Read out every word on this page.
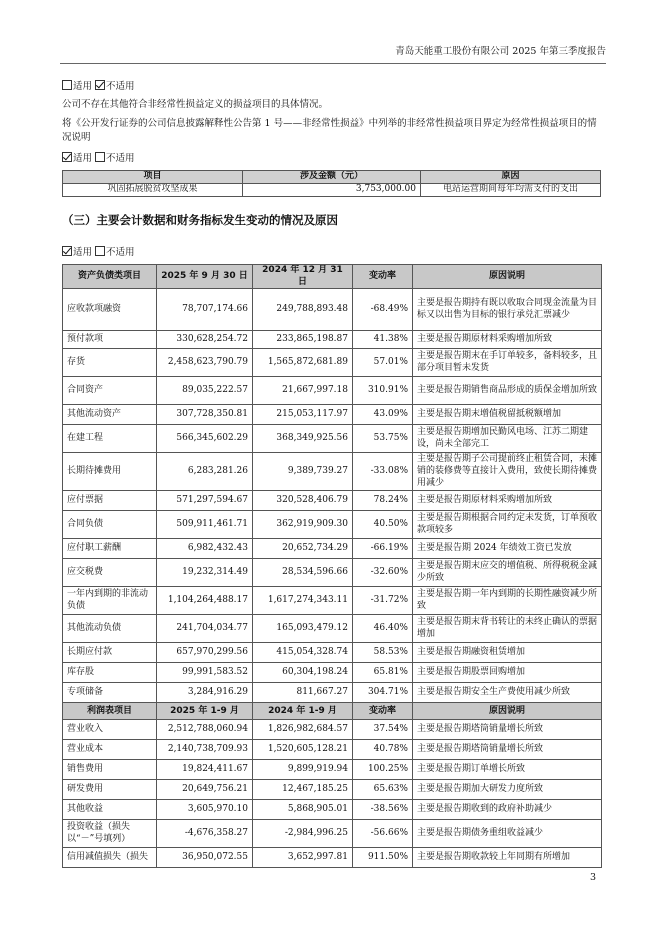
青岛天能重工股份有限公司 2025 年第三季度报告
适用 不适用
公司不存在其他符合非经常性损益定义的损益项目的具体情况。
将《公开发行证券的公司信息披露解释性公告第 1 号——非经常性损益》中列举的非经常性损益项目界定为经常性损益项目的情况说明
适用 不适用
项目	涉及金额（元）	原因
巩固拓展脱贫攻坚成果	3,753,000.00	电站运营期间每年均需支付的支出
（三）主要会计数据和财务指标发生变动的情况及原因
适用 不适用
资产负债类项目	2025 年 9 月 30 日	2024 年 12 月 31 日	变动率	原因说明
应收款项融资	78,707,174.66	249,788,893.48	-68.49%	主要是报告期持有既以收取合同现金流量为目标又以出售为目标的银行承兑汇票减少
预付款项	330,628,254.72	233,865,198.87	41.38%	主要是报告期原材料采购增加所致
存货	2,458,623,790.79	1,565,872,681.89	57.01%	主要是报告期末在手订单较多，备料较多，且部分项目暂未发货
合同资产	89,035,222.57	21,667,997.18	310.91%	主要是报告期销售商品形成的质保金增加所致
其他流动资产	307,728,350.81	215,053,117.97	43.09%	主要是报告期末增值税留抵税额增加
在建工程	566,345,602.29	368,349,925.56	53.75%	主要是报告期增加民勤风电场、江苏二期建设，尚未全部完工
长期待摊费用	6,283,281.26	9,389,739.27	-33.08%	主要是报告期子公司提前终止租赁合同，未摊销的装修费等直接计入费用，致使长期待摊费用减少
应付票据	571,297,594.67	320,528,406.79	78.24%	主要是报告期原材料采购增加所致
合同负债	509,911,461.71	362,919,909.30	40.50%	主要是报告期根据合同约定未发货，订单预收款项较多
应付职工薪酬	6,982,432.43	20,652,734.29	-66.19%	主要是报告期 2024 年绩效工资已发放
应交税费	19,232,314.49	28,534,596.66	-32.60%	主要是报告期末应交的增值税、所得税税金减少所致
一年内到期的非流动负债	1,104,264,488.17	1,617,274,343.11	-31.72%	主要是报告期一年内到期的长期性融资减少所致
其他流动负债	241,704,034.77	165,093,479.12	46.40%	主要是报告期末背书转让的未终止确认的票据增加
长期应付款	657,970,299.56	415,054,328.74	58.53%	主要是报告期融资租赁增加
库存股	99,991,583.52	60,304,198.24	65.81%	主要是报告期股票回购增加
专项储备	3,284,916.29	811,667.27	304.71%	主要是报告期安全生产费使用减少所致
利润表项目	2025 年 1-9 月	2024 年 1-9 月	变动率	原因说明
营业收入	2,512,788,060.94	1,826,982,684.57	37.54%	主要是报告期塔筒销量增长所致
营业成本	2,140,738,709.93	1,520,605,128.21	40.78%	主要是报告期塔筒销量增长所致
销售费用	19,824,411.67	9,899,919.94	100.25%	主要是报告期订单增长所致
研发费用	20,649,756.21	12,467,185.25	65.63%	主要是报告期加大研发力度所致
其他收益	3,605,970.10	5,868,905.01	-38.56%	主要是报告期收到的政府补助减少
投资收益（损失以“－”号填列）	-4,676,358.27	-2,984,996.25	-56.66%	主要是报告期债务重组收益减少
信用减值损失（损失	36,950,072.55	3,652,997.81	911.50%	主要是报告期收款较上年同期有所增加
3
